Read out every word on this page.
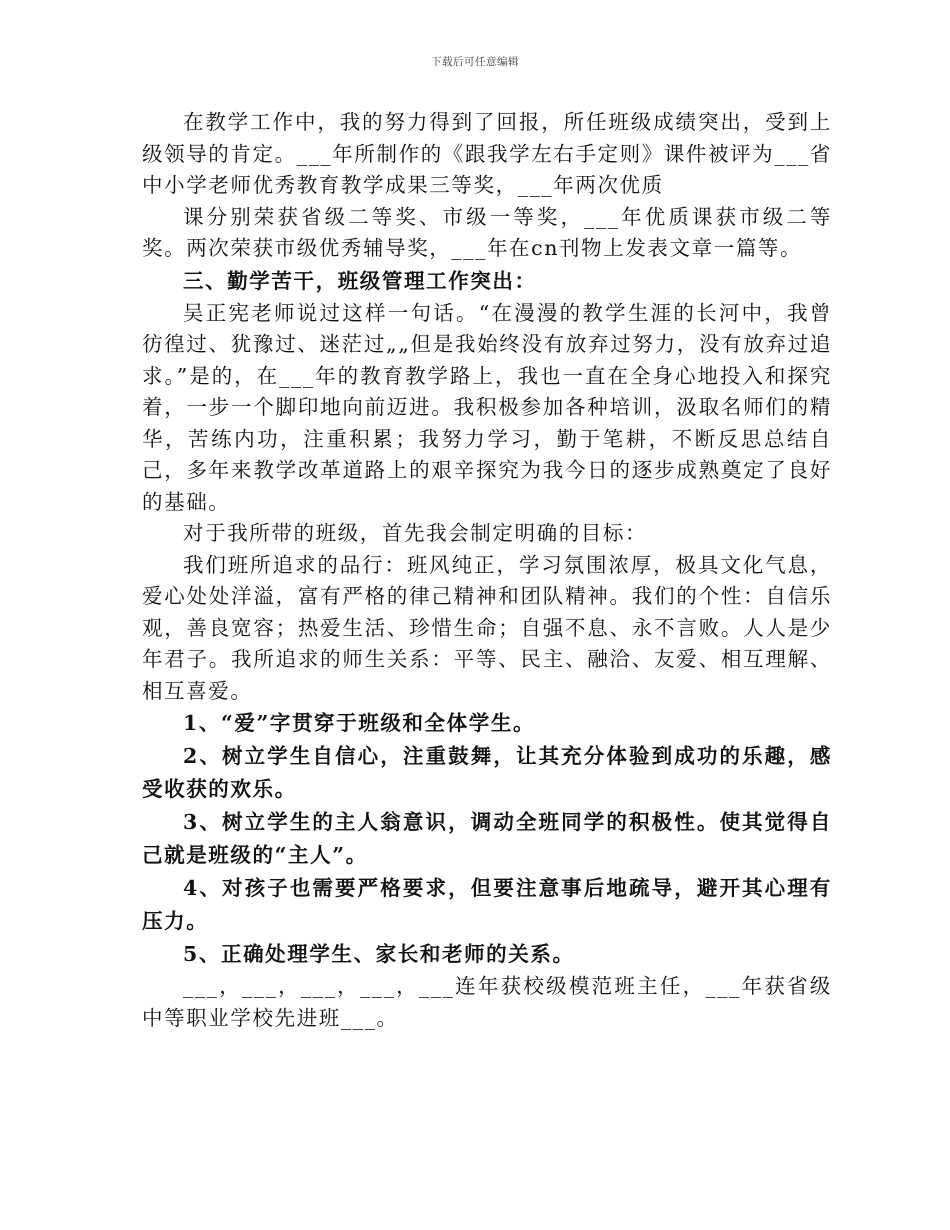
下载后可任意编辑

在教学工作中，我的努力得到了回报，所任班级成绩突出，受到上级领导的肯定。___年所制作的《跟我学左右手定则》课件被评为___省中小学老师优秀教育教学成果三等奖，___年两次优质

课分别荣获省级二等奖、市级一等奖，___年优质课获市级二等奖。两次荣获市级优秀辅导奖，___年在cn刊物上发表文章一篇等。

三、勤学苦干，班级管理工作突出：

吴正宪老师说过这样一句话。“在漫漫的教学生涯的长河中，我曾彷徨过、犹豫过、迷茫过„„但是我始终没有放弃过努力，没有放弃过追求。”是的，在___年的教育教学路上，我也一直在全身心地投入和探究着，一步一个脚印地向前迈进。我积极参加各种培训，汲取名师们的精华，苦练内功，注重积累；我努力学习，勤于笔耕，不断反思总结自己，多年来教学改革道路上的艰辛探究为我今日的逐步成熟奠定了良好的基础。

对于我所带的班级，首先我会制定明确的目标：

我们班所追求的品行：班风纯正，学习氛围浓厚，极具文化气息，爱心处处洋溢，富有严格的律己精神和团队精神。我们的个性：自信乐观，善良宽容；热爱生活、珍惜生命；自强不息、永不言败。人人是少年君子。我所追求的师生关系：平等、民主、融洽、友爱、相互理解、相互喜爱。

1、“爱”字贯穿于班级和全体学生。

2、树立学生自信心，注重鼓舞，让其充分体验到成功的乐趣，感受收获的欢乐。

3、树立学生的主人翁意识，调动全班同学的积极性。使其觉得自己就是班级的“主人”。

4、对孩子也需要严格要求，但要注意事后地疏导，避开其心理有压力。

5、正确处理学生、家长和老师的关系。

___，___，___，___，___连年获校级模范班主任，___年获省级中等职业学校先进班___。
